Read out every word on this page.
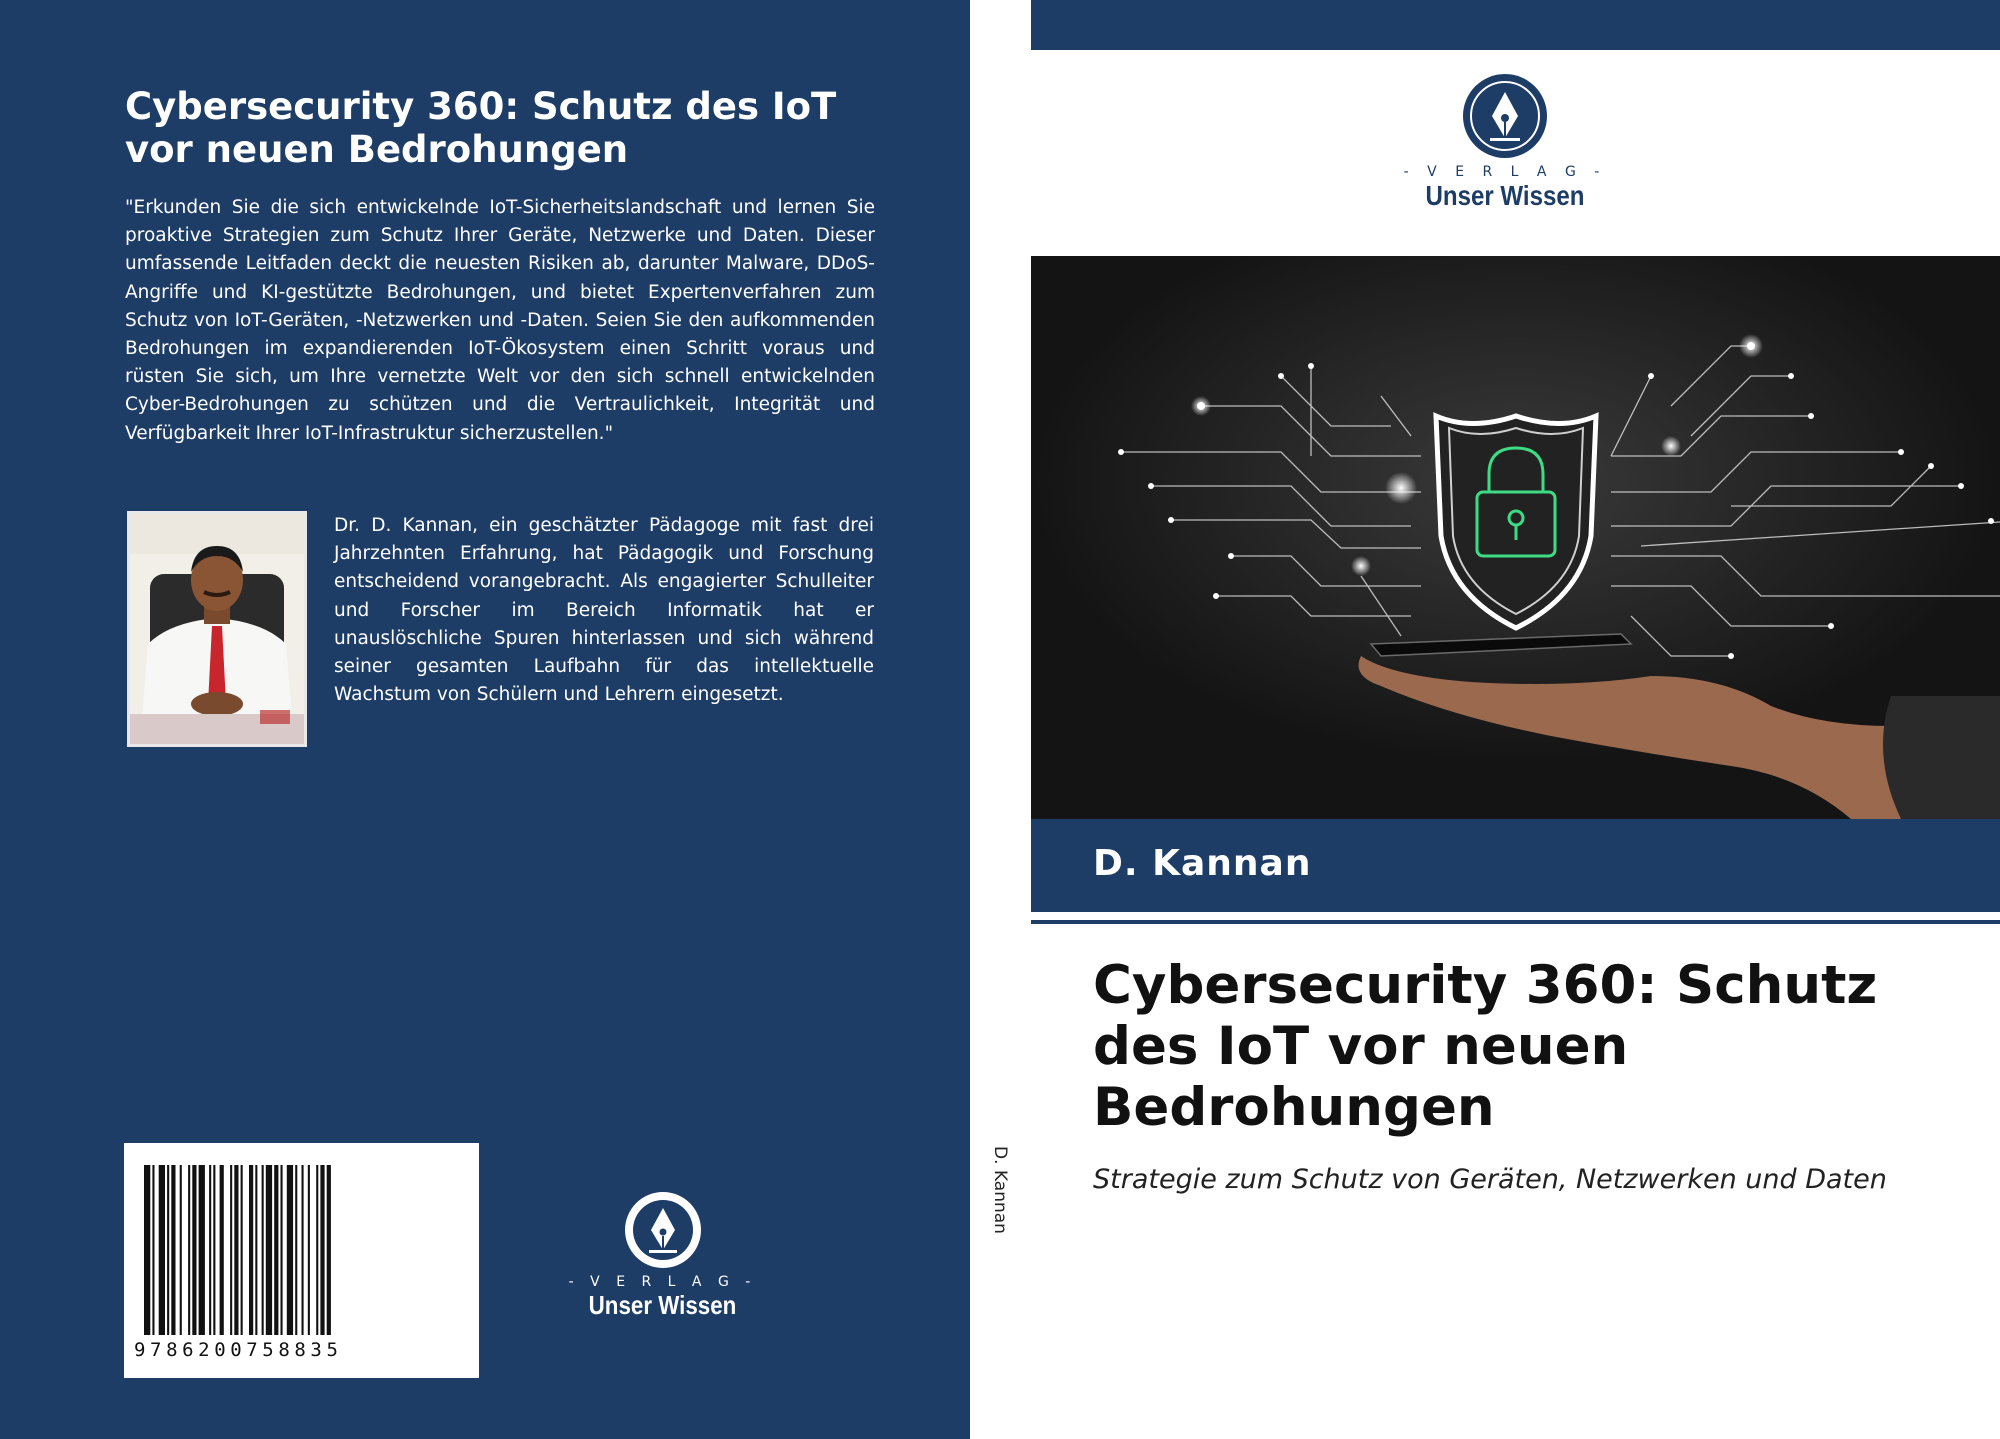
Cybersecurity 360: Schutz des IoT vor neuen Bedrohungen

"Erkunden Sie die sich entwickelnde IoT-Sicherheitslandschaft und lernen Sie proaktive Strategien zum Schutz Ihrer Geräte, Netzwerke und Daten. Dieser umfassende Leitfaden deckt die neuesten Risiken ab, darunter Malware, DDoS-Angriffe und KI-gestützte Bedrohungen, und bietet Expertenverfahren zum Schutz von IoT-Geräten, -Netzwerken und -Daten. Seien Sie den aufkommenden Bedrohungen im expandierenden IoT-Ökosystem einen Schritt voraus und rüsten Sie sich, um Ihre vernetzte Welt vor den sich schnell entwickelnden Cyber-Bedrohungen zu schützen und die Vertraulichkeit, Integrität und Verfügbarkeit Ihrer IoT-Infrastruktur sicherzustellen."

Dr. D. Kannan, ein geschätzter Pädagoge mit fast drei Jahrzehnten Erfahrung, hat Pädagogik und Forschung entscheidend vorangebracht. Als engagierter Schulleiter und Forscher im Bereich Informatik hat er unauslöschliche Spuren hinterlassen und sich während seiner gesamten Laufbahn für das intellektuelle Wachstum von Schülern und Lehrern eingesetzt.

9786200758835
- V E R L A G -
Unser Wissen
D. Kannan
- V E R L A G -
Unser Wissen
D. Kannan
Cybersecurity 360: Schutz des IoT vor neuen Bedrohungen

Strategie zum Schutz von Geräten, Netzwerken und Daten
